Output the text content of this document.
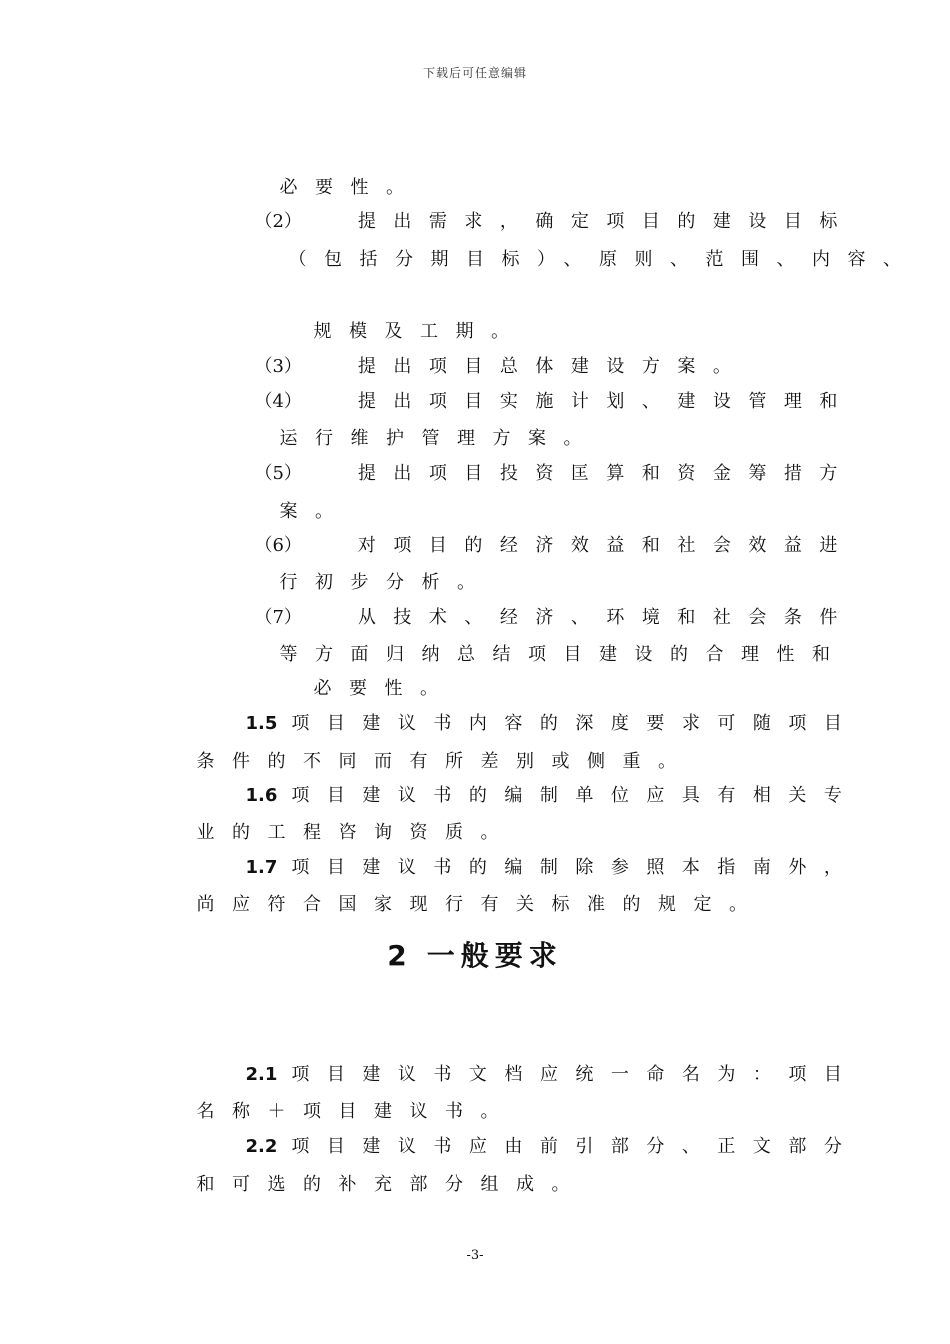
下载后可任意编辑

必要性。

（2）	提出需求，确定项目的建设目标

（包括分期目标）、原则、范围、内容、

规模及工期。

（3）	提出项目总体建设方案。

（4）	提出项目实施计划、建设管理和

运行维护管理方案。

（5）	提出项目投资匡算和资金筹措方

案。

（6）	对项目的经济效益和社会效益进

行初步分析。

（7）	从技术、经济、环境和社会条件

等方面归纳总结项目建设的合理性和

必要性。

1.5 项目建议书内容的深度要求可随项目

条件的不同而有所差别或侧重。

1.6 项目建议书的编制单位应具有相关专

业的工程咨询资质。

1.7 项目建议书的编制除参照本指南外，

尚应符合国家现行有关标准的规定。

2 一般要求

2.1 项目建议书文档应统一命名为：项目

名称＋项目建议书。

2.2 项目建议书应由前引部分、正文部分

和可选的补充部分组成。

-3-
